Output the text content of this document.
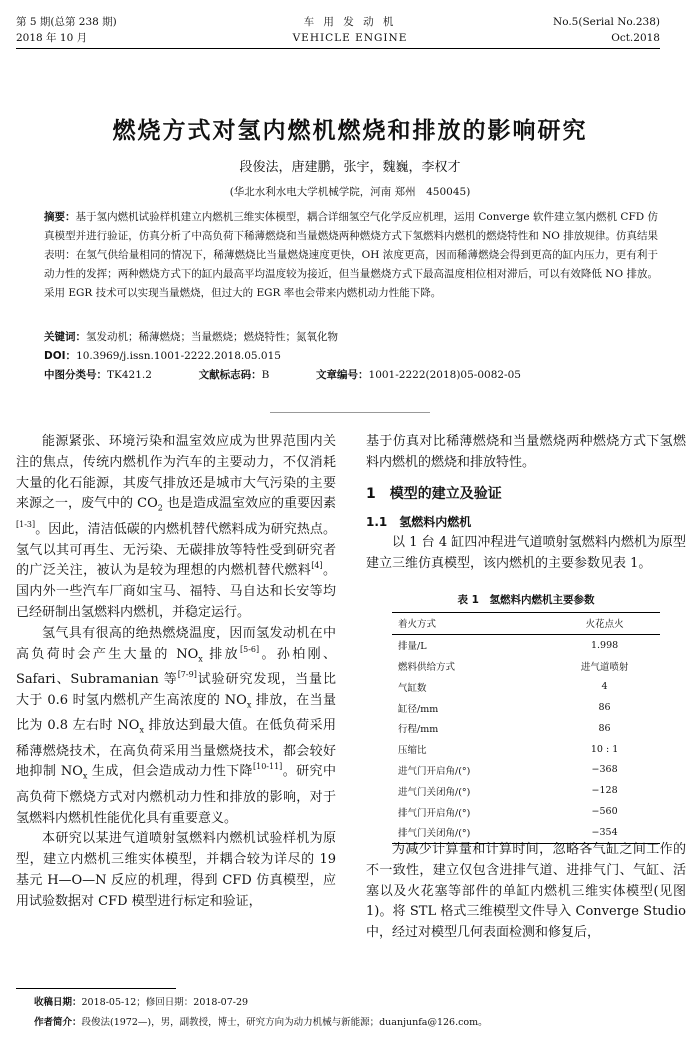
第 5 期(总第 238 期)
2018 年 10 月
车 用 发 动 机
VEHICLE ENGINE
No.5(Serial No.238)
Oct.2018
燃烧方式对氢内燃机燃烧和排放的影响研究
段俊法，唐建鹏，张宇，魏巍，李权才
(华北水利水电大学机械学院，河南 郑州　450045)
摘要：基于氢内燃机试验样机建立内燃机三维实体模型，耦合详细氢空气化学反应机理，运用 Converge 软件建立氢内燃机 CFD 仿真模型并进行验证，仿真分析了中高负荷下稀薄燃烧和当量燃烧两种燃烧方式下氢燃料内燃机的燃烧特性和 NO 排放规律。仿真结果表明：在氢气供给量相同的情况下，稀薄燃烧比当量燃烧速度更快，OH 浓度更高，因而稀薄燃烧会得到更高的缸内压力，更有利于动力性的发挥；两种燃烧方式下的缸内最高平均温度较为接近，但当量燃烧方式下最高温度相位相对滞后，可以有效降低 NO 排放。采用 EGR 技术可以实现当量燃烧，但过大的 EGR 率也会带来内燃机动力性能下降。
关键词：氢发动机；稀薄燃烧；当量燃烧；燃烧特性；氮氧化物
DOI：10.3969/j.issn.1001-2222.2018.05.015
中图分类号：TK421.2	文献标志码：B	文章编号：1001-2222(2018)05-0082-05

能源紧张、环境污染和温室效应成为世界范围内关注的焦点，传统内燃机作为汽车的主要动力，不仅消耗大量的化石能源，其废气排放还是城市大气污染的主要来源之一，废气中的 $CO_2$ 也是造成温室效应的重要因素[1-3]。因此，清洁低碳的内燃机替代燃料成为研究热点。氢气以其可再生、无污染、无碳排放等特性受到研究者的广泛关注，被认为是较为理想的内燃机替代燃料[4]。国内外一些汽车厂商如宝马、福特、马自达和长安等均已经研制出氢燃料内燃机，并稳定运行。

氢气具有很高的绝热燃烧温度，因而氢发动机在中高负荷时会产生大量的 $NO_x$ 排放[5-6]。孙柏刚、Safari、Subramanian 等[7-9]试验研究发现，当量比大于 0.6 时氢内燃机产生高浓度的 $NO_x$ 排放，在当量比为 0.8 左右时 $NO_x$ 排放达到最大值。在低负荷采用稀薄燃烧技术，在高负荷采用当量燃烧技术，都会较好地抑制 $NO_x$ 生成，但会造成动力性下降[10-11]。研究中高负荷下燃烧方式对内燃机动力性和排放的影响，对于氢燃料内燃机性能优化具有重要意义。

本研究以某进气道喷射氢燃料内燃机试验样机为原型，建立内燃机三维实体模型，并耦合较为详尽的 19 基元 H—O—N 反应的机理，得到 CFD 仿真模型，应用试验数据对 CFD 模型进行标定和验证，

基于仿真对比稀薄燃烧和当量燃烧两种燃烧方式下氢燃料内燃机的燃烧和排放特性。

1　模型的建立及验证
1.1　氢燃料内燃机

以 1 台 4 缸四冲程进气道喷射氢燃料内燃机为原型建立三维仿真模型，该内燃机的主要参数见表 1。

表 1　氢燃料内燃机主要参数
着火方式	火花点火
排量/L	1.998
燃料供给方式	进气道喷射
气缸数	4
缸径/mm	86
行程/mm	86
压缩比	10 : 1
进气门开启角/(°)	−368
进气门关闭角/(°)	−128
排气门开启角/(°)	−560
排气门关闭角/(°)	−354

为减少计算量和计算时间，忽略各气缸之间工作的不一致性，建立仅包含进排气道、进排气门、气缸、活塞以及火花塞等部件的单缸内燃机三维实体模型(见图 1)。将 STL 格式三维模型文件导入 Converge Studio 中，经过对模型几何表面检测和修复后，

收稿日期：2018-05-12；修回日期：2018-07-29
作者简介：段俊法(1972—)，男，副教授，博士，研究方向为动力机械与新能源；duanjunfa@126.com。
